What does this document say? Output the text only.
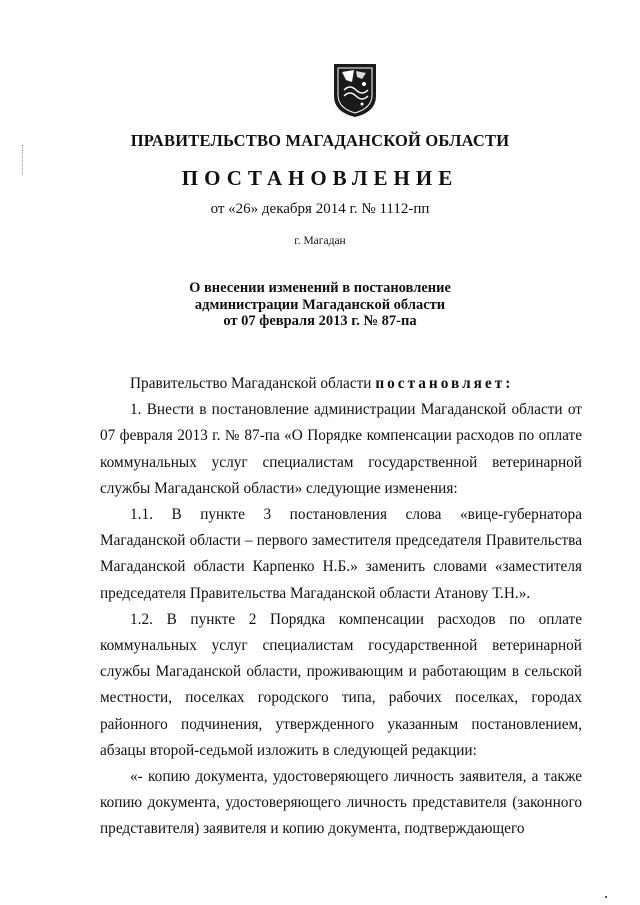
ПРАВИТЕЛЬСТВО МАГАДАНСКОЙ ОБЛАСТИ
ПОСТАНОВЛЕНИЕ
от «26» декабря 2014 г. № 1112-пп
г. Магадан
О внесении изменений в постановление
администрации Магаданской области
от 07 февраля 2013 г. № 87-па

Правительство Магаданской области постановляет:

1. Внести в постановление администрации Магаданской области от 07 февраля 2013 г. № 87-па «О Порядке компенсации расходов по оплате коммунальных услуг специалистам государственной ветеринарной службы Магаданской области» следующие изменения:

1.1. В пункте 3 постановления слова «вице-губернатора Магаданской области – первого заместителя председателя Правительства Магаданской области Карпенко Н.Б.» заменить словами «заместителя председателя Правительства Магаданской области Атанову Т.Н.».

1.2. В пункте 2 Порядка компенсации расходов по оплате коммунальных услуг специалистам государственной ветеринарной службы Магаданской области, проживающим и работающим в сельской местности, поселках городского типа, рабочих поселках, городах районного подчинения, утвержденного указанным постановлением, абзацы второй-седьмой изложить в следующей редакции:

«- копию документа, удостоверяющего личность заявителя, а также копию документа, удостоверяющего личность представителя (законного представителя) заявителя и копию документа, подтверждающего
